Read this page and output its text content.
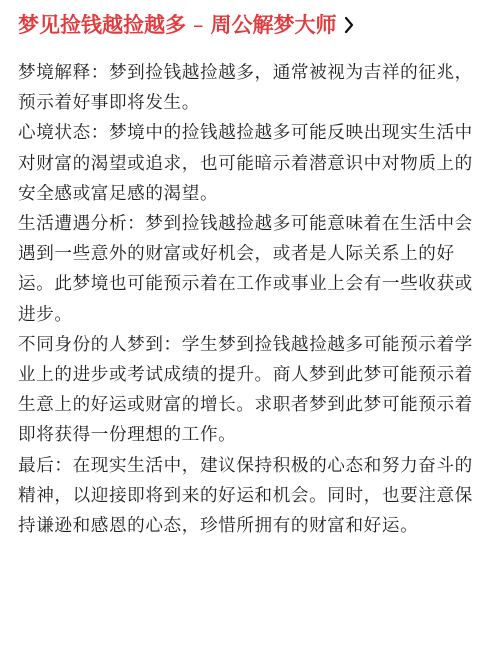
梦见捡钱越捡越多 – 周公解梦大师

梦境解释：梦到捡钱越捡越多，通常被视为吉祥的征兆，预示着好事即将发生。

心境状态：梦境中的捡钱越捡越多可能反映出现实生活中对财富的渴望或追求，也可能暗示着潜意识中对物质上的安全感或富足感的渴望。

生活遭遇分析：梦到捡钱越捡越多可能意味着在生活中会遇到一些意外的财富或好机会，或者是人际关系上的好运。此梦境也可能预示着在工作或事业上会有一些收获或进步。

不同身份的人梦到：学生梦到捡钱越捡越多可能预示着学业上的进步或考试成绩的提升。商人梦到此梦可能预示着生意上的好运或财富的增长。求职者梦到此梦可能预示着即将获得一份理想的工作。

最后：在现实生活中，建议保持积极的心态和努力奋斗的精神，以迎接即将到来的好运和机会。同时，也要注意保持谦逊和感恩的心态，珍惜所拥有的财富和好运。
